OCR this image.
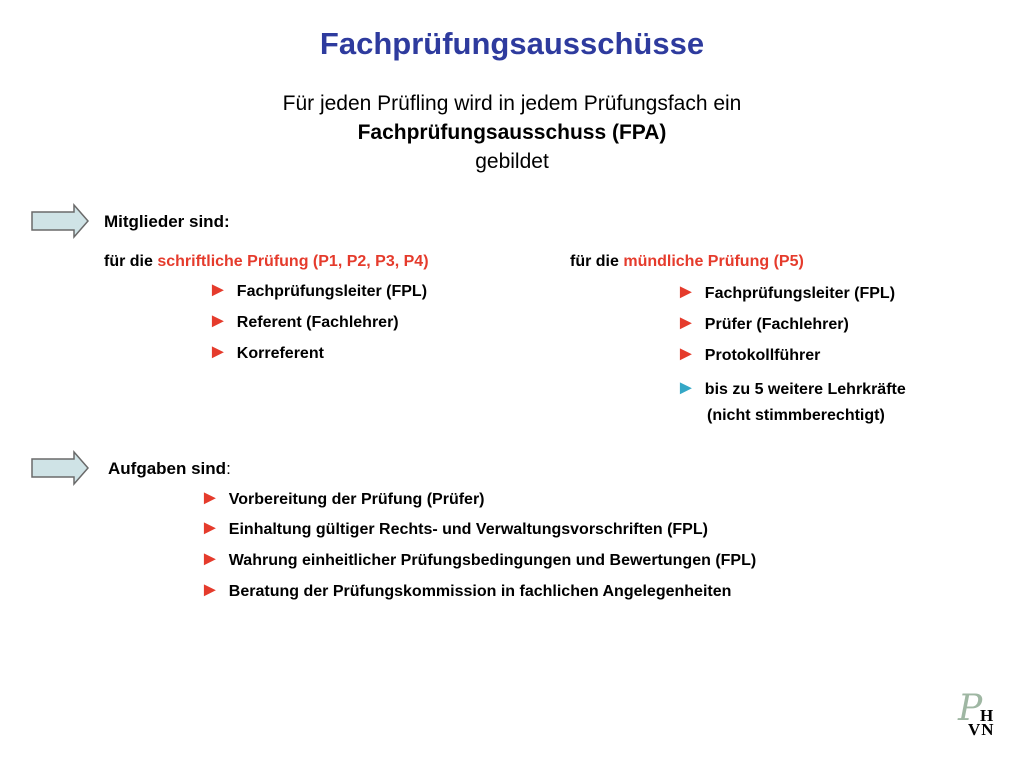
Fachprüfungsausschüsse
Für jeden Prüfling wird in jedem Prüfungsfach ein
Fachprüfungsausschuss (FPA)
gebildet
Mitglieder sind:
für die schriftliche Prüfung (P1, P2, P3, P4)
► Fachprüfungsleiter (FPL)
► Referent (Fachlehrer)
► Korreferent
für die mündliche Prüfung (P5)
► Fachprüfungsleiter (FPL)
► Prüfer (Fachlehrer)
► Protokollführer
► bis zu 5 weitere Lehrkräfte
(nicht stimmberechtigt)
Aufgaben sind:
► Vorbereitung der Prüfung (Prüfer)
► Einhaltung gültiger Rechts- und Verwaltungsvorschriften (FPL)
► Wahrung einheitlicher Prüfungsbedingungen und Bewertungen (FPL)
► Beratung der Prüfungskommission in fachlichen Angelegenheiten
P
H
VN
